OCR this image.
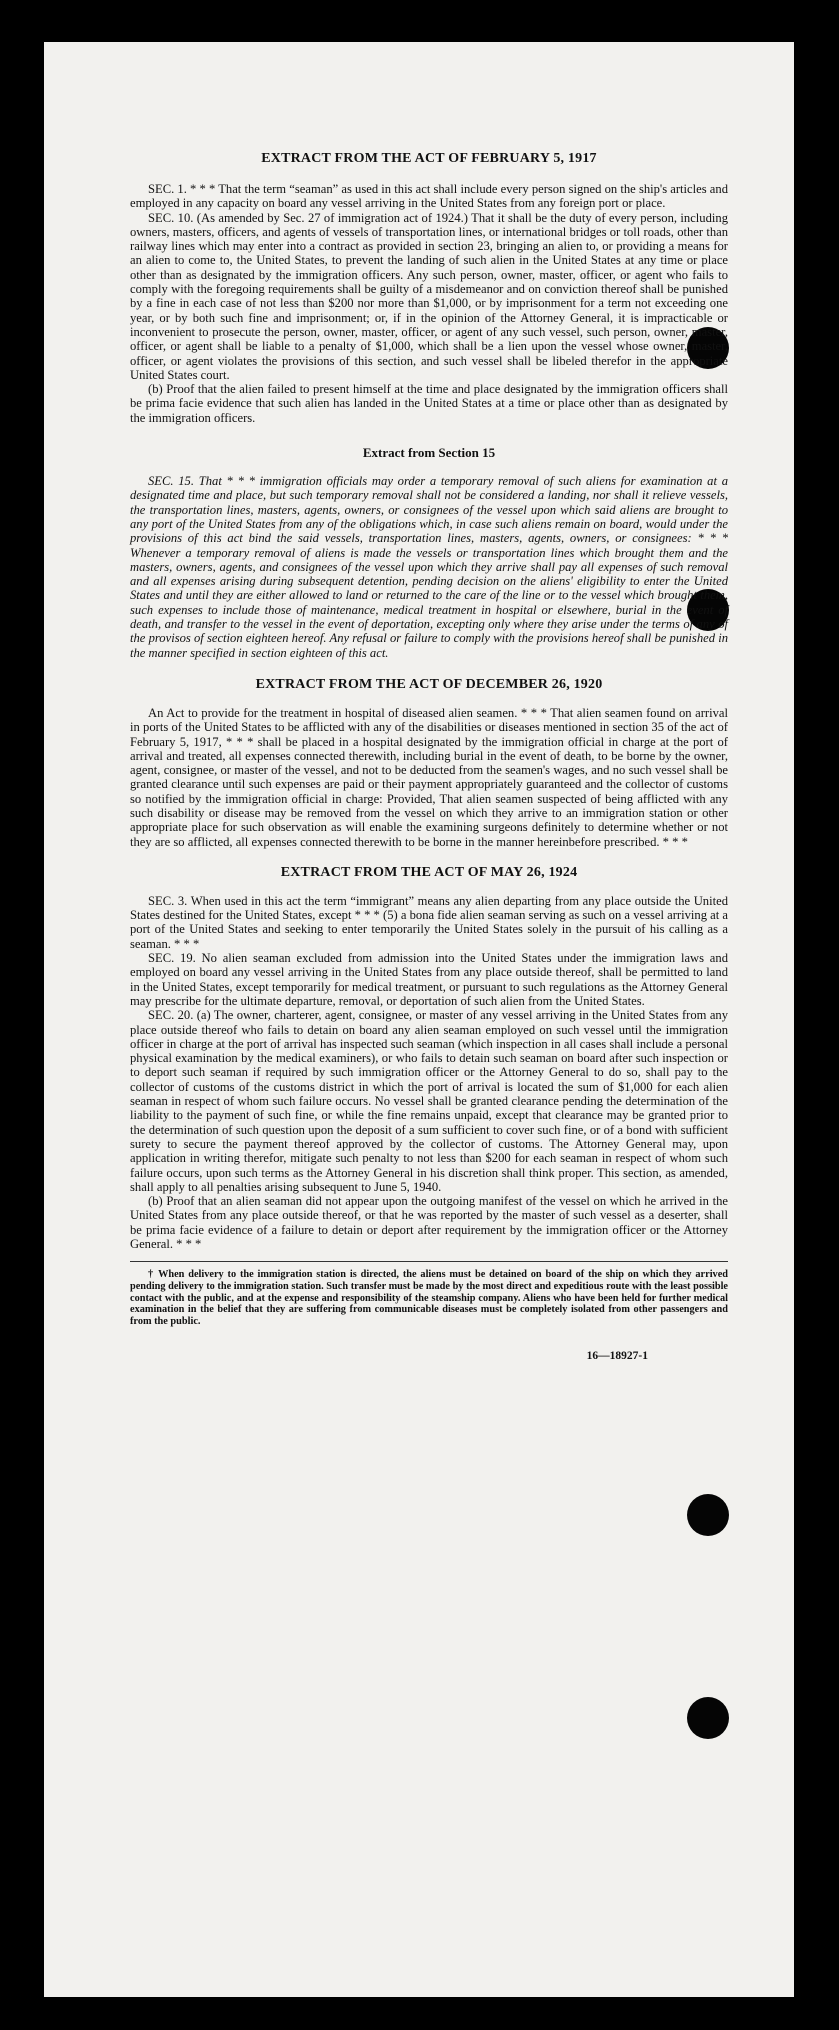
EXTRACT FROM THE ACT OF FEBRUARY 5, 1917

SEC. 1. * * * That the term “seaman” as used in this act shall include every person signed on the ship's articles and employed in any capacity on board any vessel arriving in the United States from any foreign port or place.

SEC. 10. (As amended by Sec. 27 of immigration act of 1924.) That it shall be the duty of every person, including owners, masters, officers, and agents of vessels of transportation lines, or international bridges or toll roads, other than railway lines which may enter into a contract as provided in section 23, bringing an alien to, or providing a means for an alien to come to, the United States, to prevent the landing of such alien in the United States at any time or place other than as designated by the immigration officers. Any such person, owner, master, officer, or agent who fails to comply with the foregoing requirements shall be guilty of a misdemeanor and on conviction thereof shall be punished by a fine in each case of not less than $200 nor more than $1,000, or by imprisonment for a term not exceeding one year, or by both such fine and imprisonment; or, if in the opinion of the Attorney General, it is impracticable or inconvenient to prosecute the person, owner, master, officer, or agent of any such vessel, such person, owner, master, officer, or agent shall be liable to a penalty of $1,000, which shall be a lien upon the vessel whose owner, master, officer, or agent violates the provisions of this section, and such vessel shall be libeled therefor in the appropriate United States court.

(b) Proof that the alien failed to present himself at the time and place designated by the immigration officers shall be prima facie evidence that such alien has landed in the United States at a time or place other than as designated by the immigration officers.

Extract from Section 15

SEC. 15. That * * * immigration officials may order a temporary removal of such aliens for examination at a designated time and place, but such temporary removal shall not be considered a landing, nor shall it relieve vessels, the transportation lines, masters, agents, owners, or consignees of the vessel upon which said aliens are brought to any port of the United States from any of the obligations which, in case such aliens remain on board, would under the provisions of this act bind the said vessels, transportation lines, masters, agents, owners, or consignees: * * * Whenever a temporary removal of aliens is made the vessels or transportation lines which brought them and the masters, owners, agents, and consignees of the vessel upon which they arrive shall pay all expenses of such removal and all expenses arising during subsequent detention, pending decision on the aliens' eligibility to enter the United States and until they are either allowed to land or returned to the care of the line or to the vessel which brought them, such expenses to include those of maintenance, medical treatment in hospital or elsewhere, burial in the event of death, and transfer to the vessel in the event of deportation, excepting only where they arise under the terms of any of the provisos of section eighteen hereof. Any refusal or failure to comply with the provisions hereof shall be punished in the manner specified in section eighteen of this act.

EXTRACT FROM THE ACT OF DECEMBER 26, 1920

An Act to provide for the treatment in hospital of diseased alien seamen. * * * That alien seamen found on arrival in ports of the United States to be afflicted with any of the disabilities or diseases mentioned in section 35 of the act of February 5, 1917, * * * shall be placed in a hospital designated by the immigration official in charge at the port of arrival and treated, all expenses connected therewith, including burial in the event of death, to be borne by the owner, agent, consignee, or master of the vessel, and not to be deducted from the seamen's wages, and no such vessel shall be granted clearance until such expenses are paid or their payment appropriately guaranteed and the collector of customs so notified by the immigration official in charge: Provided, That alien seamen suspected of being afflicted with any such disability or disease may be removed from the vessel on which they arrive to an immigration station or other appropriate place for such observation as will enable the examining surgeons definitely to determine whether or not they are so afflicted, all expenses connected therewith to be borne in the manner hereinbefore prescribed. * * *

EXTRACT FROM THE ACT OF MAY 26, 1924

SEC. 3. When used in this act the term “immigrant” means any alien departing from any place outside the United States destined for the United States, except * * * (5) a bona fide alien seaman serving as such on a vessel arriving at a port of the United States and seeking to enter temporarily the United States solely in the pursuit of his calling as a seaman. * * *

SEC. 19. No alien seaman excluded from admission into the United States under the immigration laws and employed on board any vessel arriving in the United States from any place outside thereof, shall be permitted to land in the United States, except temporarily for medical treatment, or pursuant to such regulations as the Attorney General may prescribe for the ultimate departure, removal, or deportation of such alien from the United States.

SEC. 20. (a) The owner, charterer, agent, consignee, or master of any vessel arriving in the United States from any place outside thereof who fails to detain on board any alien seaman employed on such vessel until the immigration officer in charge at the port of arrival has inspected such seaman (which inspection in all cases shall include a personal physical examination by the medical examiners), or who fails to detain such seaman on board after such inspection or to deport such seaman if required by such immigration officer or the Attorney General to do so, shall pay to the collector of customs of the customs district in which the port of arrival is located the sum of $1,000 for each alien seaman in respect of whom such failure occurs. No vessel shall be granted clearance pending the determination of the liability to the payment of such fine, or while the fine remains unpaid, except that clearance may be granted prior to the determination of such question upon the deposit of a sum sufficient to cover such fine, or of a bond with sufficient surety to secure the payment thereof approved by the collector of customs. The Attorney General may, upon application in writing therefor, mitigate such penalty to not less than $200 for each seaman in respect of whom such failure occurs, upon such terms as the Attorney General in his discretion shall think proper. This section, as amended, shall apply to all penalties arising subsequent to June 5, 1940.

(b) Proof that an alien seaman did not appear upon the outgoing manifest of the vessel on which he arrived in the United States from any place outside thereof, or that he was reported by the master of such vessel as a deserter, shall be prima facie evidence of a failure to detain or deport after requirement by the immigration officer or the Attorney General. * * *

† When delivery to the immigration station is directed, the aliens must be detained on board of the ship on which they arrived pending delivery to the immigration station. Such transfer must be made by the most direct and expeditious route with the least possible contact with the public, and at the expense and responsibility of the steamship company. Aliens who have been held for further medical examination in the belief that they are suffering from communicable diseases must be completely isolated from other passengers and from the public.

16—18927-1
